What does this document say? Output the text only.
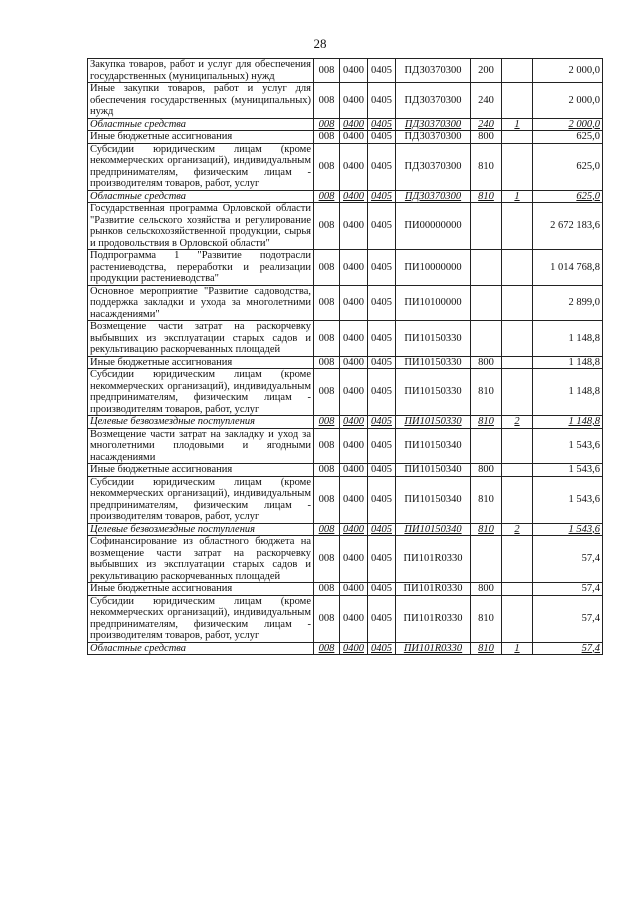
28
Закупка товаров, работ и услуг для обеспечения государственных (муниципальных) нужд	008	0400	0405	ПДЗ0370300	200		2 000,0
Иные закупки товаров, работ и услуг для обеспечения государственных (муниципальных) нужд	008	0400	0405	ПДЗ0370300	240		2 000,0
Областные средства	008	0400	0405	ПДЗ0370300	240	1	2 000,0
Иные бюджетные ассигнования	008	0400	0405	ПДЗ0370300	800		625,0
Субсидии юридическим лицам (кроме некоммерческих организаций), индивидуальным предпринимателям, физическим лицам - производителям товаров, работ, услуг	008	0400	0405	ПДЗ0370300	810		625,0
Областные средства	008	0400	0405	ПДЗ0370300	810	1	625,0
Государственная программа Орловской области "Развитие сельского хозяйства и регулирование рынков сельскохозяйственной продукции, сырья и продовольствия в Орловской области"	008	0400	0405	ПИ00000000			2 672 183,6
Подпрограмма 1 "Развитие подотрасли растениеводства, переработки и реализации продукции растениеводства"	008	0400	0405	ПИ10000000			1 014 768,8
Основное мероприятие "Развитие садоводства, поддержка закладки и ухода за многолетними насаждениями"	008	0400	0405	ПИ10100000			2 899,0
Возмещение части затрат на раскорчевку выбывших из эксплуатации старых садов и рекультивацию раскорчеванных площадей	008	0400	0405	ПИ10150330			1 148,8
Иные бюджетные ассигнования	008	0400	0405	ПИ10150330	800		1 148,8
Субсидии юридическим лицам (кроме некоммерческих организаций), индивидуальным предпринимателям, физическим лицам - производителям товаров, работ, услуг	008	0400	0405	ПИ10150330	810		1 148,8
Целевые безвозмездные поступления	008	0400	0405	ПИ10150330	810	2	1 148,8
Возмещение части затрат на закладку и уход за многолетними плодовыми и ягодными насаждениями	008	0400	0405	ПИ10150340			1 543,6
Иные бюджетные ассигнования	008	0400	0405	ПИ10150340	800		1 543,6
Субсидии юридическим лицам (кроме некоммерческих организаций), индивидуальным предпринимателям, физическим лицам - производителям товаров, работ, услуг	008	0400	0405	ПИ10150340	810		1 543,6
Целевые безвозмездные поступления	008	0400	0405	ПИ10150340	810	2	1 543,6
Софинансирование из областного бюджета на возмещение части затрат на раскорчевку выбывших из эксплуатации старых садов и рекультивацию раскорчеванных площадей	008	0400	0405	ПИ101R0330			57,4
Иные бюджетные ассигнования	008	0400	0405	ПИ101R0330	800		57,4
Субсидии юридическим лицам (кроме некоммерческих организаций), индивидуальным предпринимателям, физическим лицам - производителям товаров, работ, услуг	008	0400	0405	ПИ101R0330	810		57,4
Областные средства	008	0400	0405	ПИ101R0330	810	1	57,4
